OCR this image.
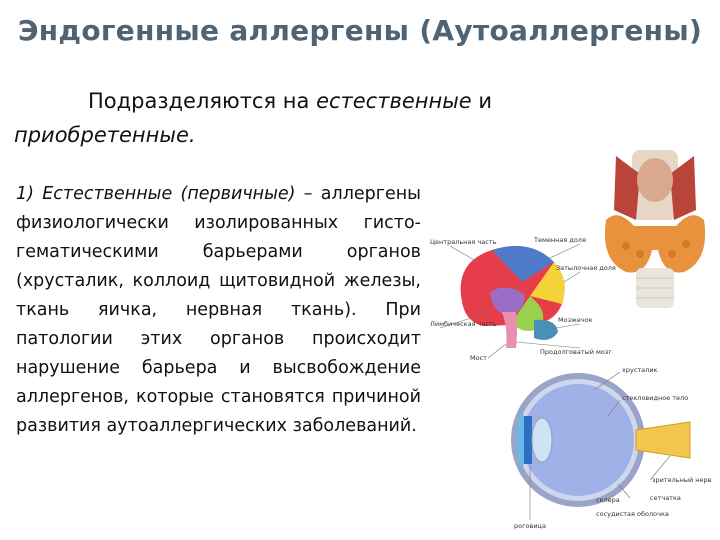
Эндогенные аллергены (Аутоаллергены)
Подразделяются на естественные и
приобретенные.
1) Естественные (первичные) – аллергены физиологически изолированных гисто-гематическими барьерами органов (хрусталик, коллоид щитовидной железы, ткань яичка, нервная ткань). При патологии этих органов происходит нарушение барьера и высвобождение аллергенов, которые становятся причиной развития аутоаллергических заболеваний.
Центральная часть	Теменная доля
Затылочная доля
Мозжечок
Продолговатый мозг
Лимбическая часть
Мост
хрусталик
стекловидное тело
зрительный нерв
сетчатка
склера
сосудистая оболочка
роговица
